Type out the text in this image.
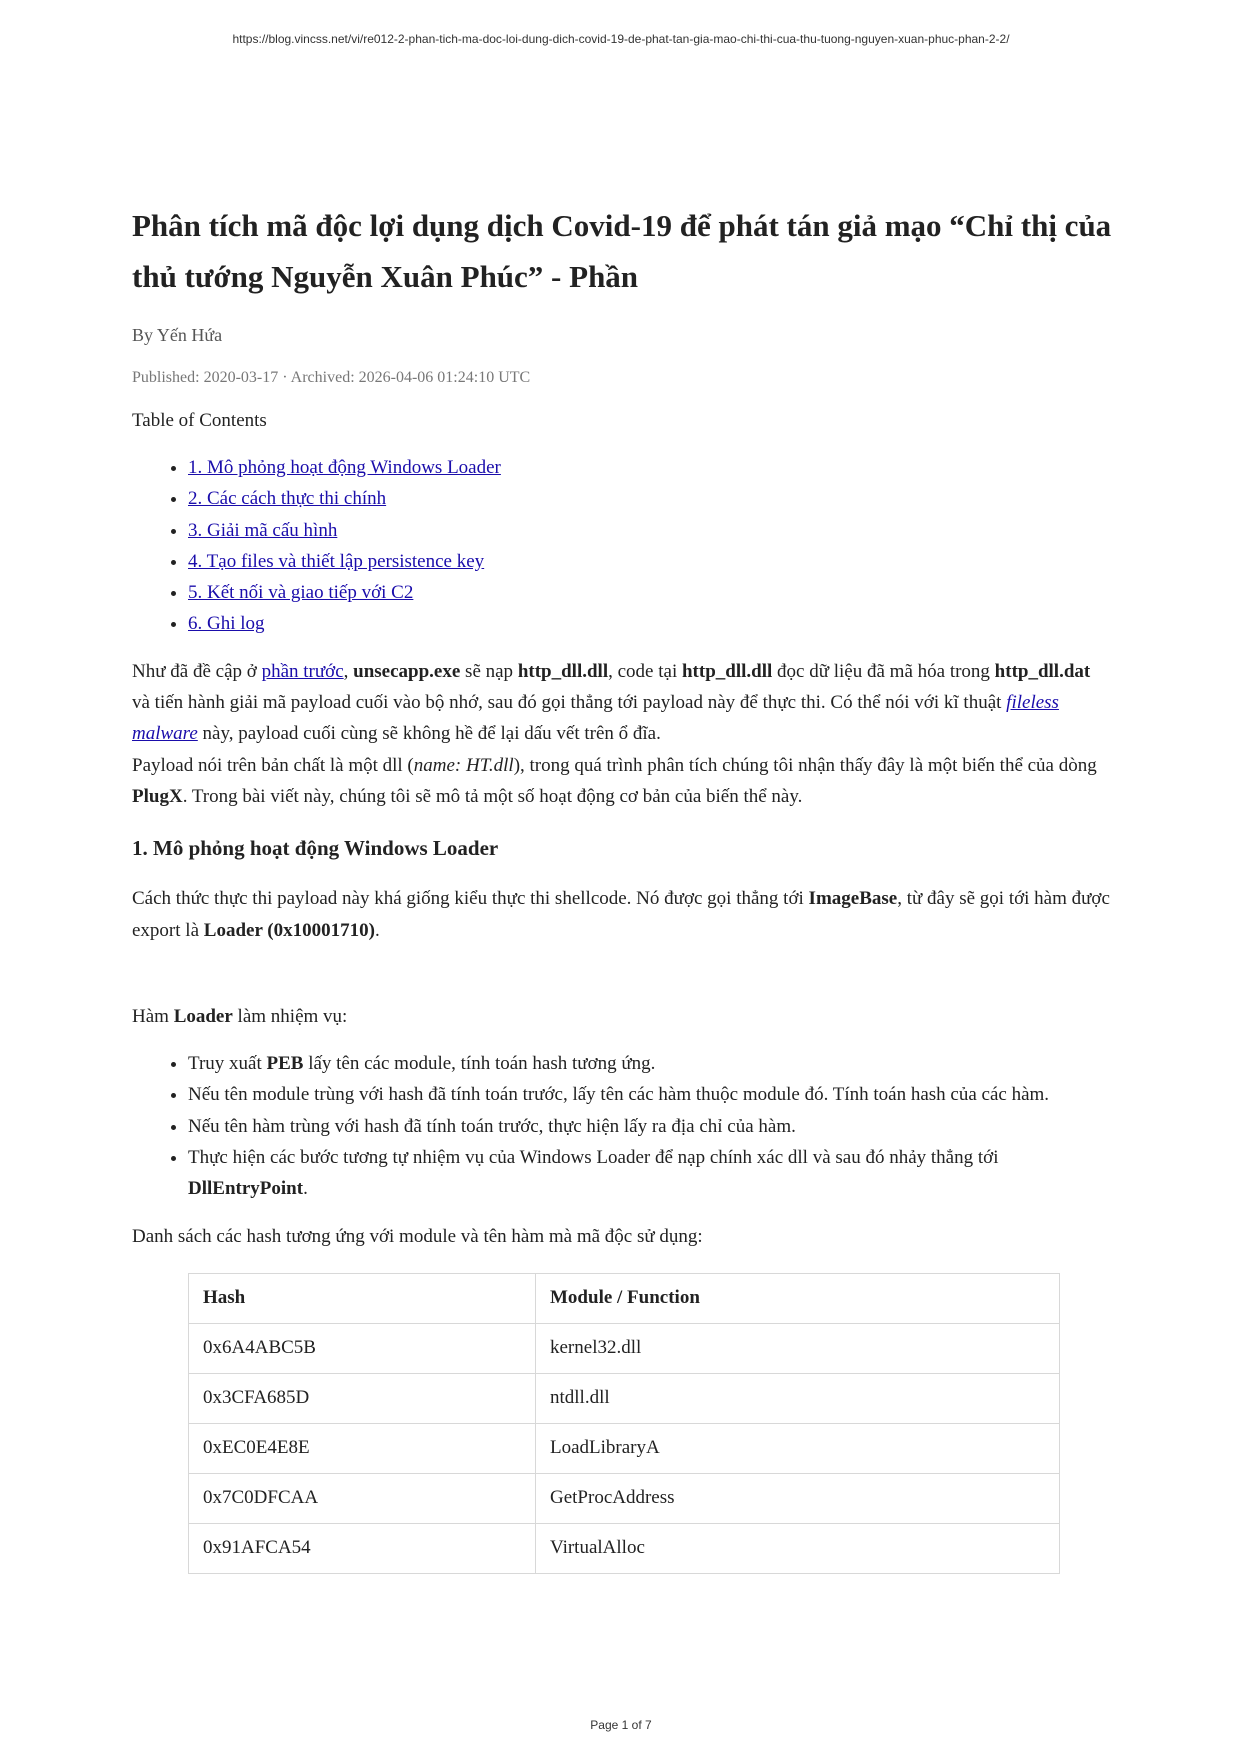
https://blog.vincss.net/vi/re012-2-phan-tich-ma-doc-loi-dung-dich-covid-19-de-phat-tan-gia-mao-chi-thi-cua-thu-tuong-nguyen-xuan-phuc-phan-2-2/
Phân tích mã độc lợi dụng dịch Covid-19 để phát tán giả mạo “Chỉ thị của thủ tướng Nguyễn Xuân Phúc” - Phần
By Yến Hứa
Published: 2020-03-17 · Archived: 2026-04-06 01:24:10 UTC
Table of Contents
• 1. Mô phỏng hoạt động Windows Loader
• 2. Các cách thực thi chính
• 3. Giải mã cấu hình
• 4. Tạo files và thiết lập persistence key
• 5. Kết nối và giao tiếp với C2
• 6. Ghi log

Như đã đề cập ở phần trước, unsecapp.exe sẽ nạp http_dll.dll, code tại http_dll.dll đọc dữ liệu đã mã hóa trong http_dll.dat và tiến hành giải mã payload cuối vào bộ nhớ, sau đó gọi thẳng tới payload này để thực thi. Có thể nói với kĩ thuật fileless malware này, payload cuối cùng sẽ không hề để lại dấu vết trên ổ đĩa.
Payload nói trên bản chất là một dll (name: HT.dll), trong quá trình phân tích chúng tôi nhận thấy đây là một biến thể của dòng PlugX. Trong bài viết này, chúng tôi sẽ mô tả một số hoạt động cơ bản của biến thể này.

1. Mô phỏng hoạt động Windows Loader

Cách thức thực thi payload này khá giống kiểu thực thi shellcode. Nó được gọi thẳng tới ImageBase, từ đây sẽ gọi tới hàm được export là Loader (0x10001710).

Hàm Loader làm nhiệm vụ:

• Truy xuất PEB lấy tên các module, tính toán hash tương ứng.
• Nếu tên module trùng với hash đã tính toán trước, lấy tên các hàm thuộc module đó. Tính toán hash của các hàm.
• Nếu tên hàm trùng với hash đã tính toán trước, thực hiện lấy ra địa chỉ của hàm.
• Thực hiện các bước tương tự nhiệm vụ của Windows Loader để nạp chính xác dll và sau đó nhảy thẳng tới DllEntryPoint.

Danh sách các hash tương ứng với module và tên hàm mà mã độc sử dụng:

Hash	Module / Function
0x6A4ABC5B	kernel32.dll
0x3CFA685D	ntdll.dll
0xEC0E4E8E	LoadLibraryA
0x7C0DFCAA	GetProcAddress
0x91AFCA54	VirtualAlloc
Page 1 of 7
